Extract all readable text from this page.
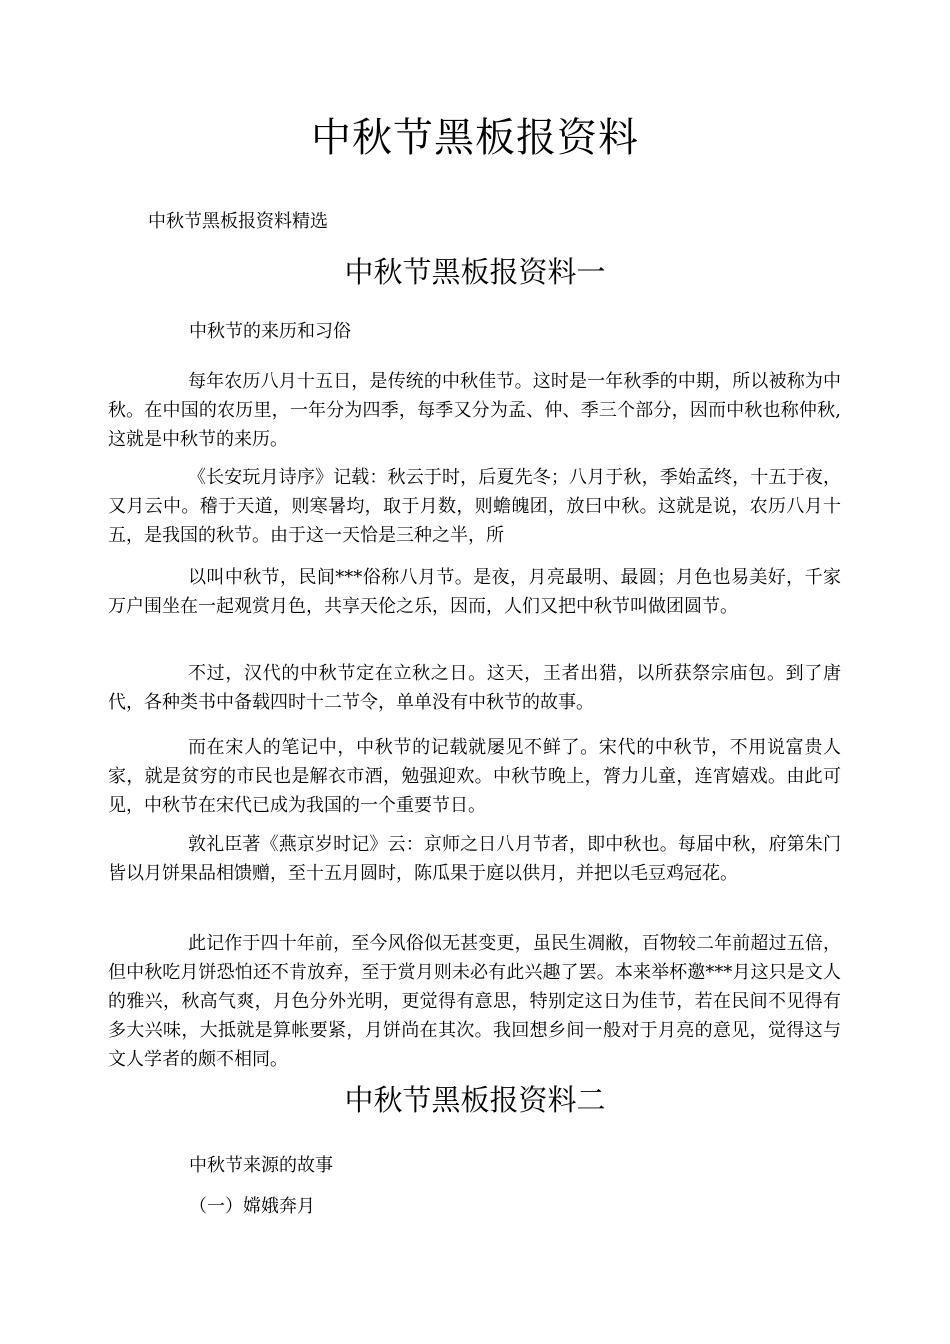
中秋节黑板报资料
中秋节黑板报资料精选
中秋节黑板报资料一
中秋节的来历和习俗

每年农历八月十五日，是传统的中秋佳节。这时是一年秋季的中期，所以被称为中秋。在中国的农历里，一年分为四季，每季又分为孟、仲、季三个部分，因而中秋也称仲秋,这就是中秋节的来历。

《长安玩月诗序》记载：秋云于时，后夏先冬；八月于秋，季始孟终，十五于夜，又月云中。稽于天道，则寒暑均，取于月数，则蟾魄团，放曰中秋。这就是说，农历八月十五，是我国的秋节。由于这一天恰是三种之半，所

以叫中秋节，民间***俗称八月节。是夜，月亮最明、最圆；月色也易美好，千家万户围坐在一起观赏月色，共享天伦之乐，因而，人们又把中秋节叫做团圆节。

不过，汉代的中秋节定在立秋之日。这天，王者出猎，以所获祭宗庙包。到了唐代，各种类书中备载四时十二节令，单单没有中秋节的故事。

而在宋人的笔记中，中秋节的记载就屡见不鲜了。宋代的中秋节，不用说富贵人家，就是贫穷的市民也是解衣市酒，勉强迎欢。中秋节晚上，膂力儿童，连宵嬉戏。由此可见，中秋节在宋代已成为我国的一个重要节日。

敦礼臣著《燕京岁时记》云：京师之日八月节者，即中秋也。每届中秋，府第朱门皆以月饼果品相馈赠，至十五月圆时，陈瓜果于庭以供月，并把以毛豆鸡冠花。

此记作于四十年前，至今风俗似无甚变更，虽民生凋敝，百物较二年前超过五倍，但中秋吃月饼恐怕还不肯放弃，至于赏月则未必有此兴趣了罢。本来举杯邀***月这只是文人的雅兴，秋高气爽，月色分外光明，更觉得有意思，特别定这日为佳节，若在民间不见得有多大兴味，大抵就是算帐要紧，月饼尚在其次。我回想乡间一般对于月亮的意见，觉得这与文人学者的颇不相同。

中秋节黑板报资料二
中秋节来源的故事
（一）嫦娥奔月
